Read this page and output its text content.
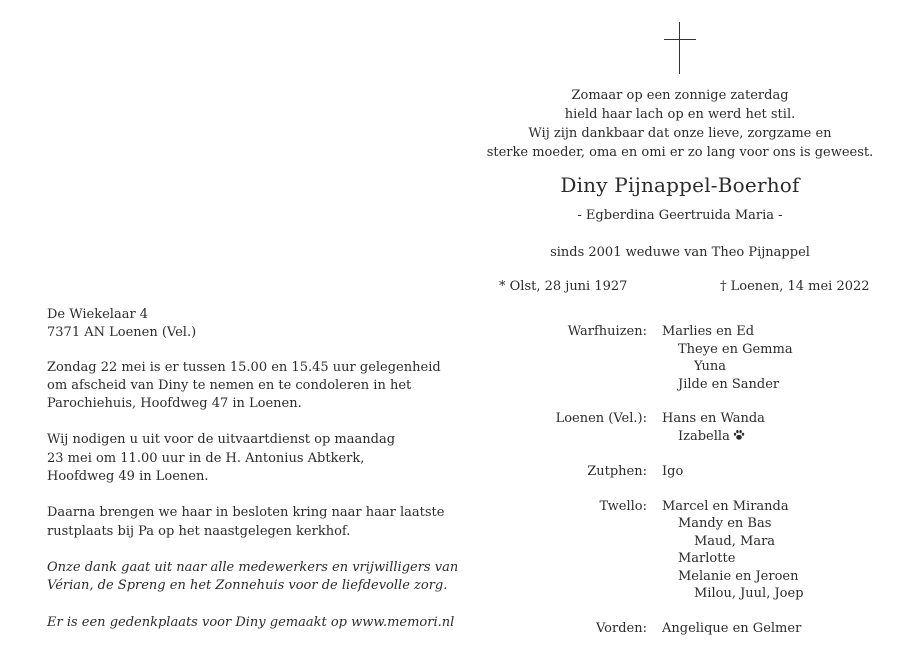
Zomaar op een zonnige zaterdag
hield haar lach op en werd het stil.
Wij zijn dankbaar dat onze lieve, zorgzame en
sterke moeder, oma en omi er zo lang voor ons is geweest.
Diny Pijnappel-Boerhof
- Egberdina Geertruida Maria -
sinds 2001 weduwe van Theo Pijnappel
* Olst, 28 juni 1927	† Loenen, 14 mei 2022
Warfhuizen: Marlies en Ed
Theye en Gemma
Yuna
Jilde en Sander
Loenen (Vel.): Hans en Wanda
Izabella
Zutphen: Igo
Twello: Marcel en Miranda
Mandy en Bas
Maud, Mara
Marlotte
Melanie en Jeroen
Milou, Juul, Joep
Vorden: Angelique en Gelmer

De Wiekelaar 4
7371 AN Loenen (Vel.)

Zondag 22 mei is er tussen 15.00 en 15.45 uur gelegenheid
om afscheid van Diny te nemen en te condoleren in het
Parochiehuis, Hoofdweg 47 in Loenen.

Wij nodigen u uit voor de uitvaartdienst op maandag
23 mei om 11.00 uur in de H. Antonius Abtkerk,
Hoofdweg 49 in Loenen.

Daarna brengen we haar in besloten kring naar haar laatste
rustplaats bij Pa op het naastgelegen kerkhof.

Onze dank gaat uit naar alle medewerkers en vrijwilligers van
Vérian, de Spreng en het Zonnehuis voor de liefdevolle zorg.

Er is een gedenkplaats voor Diny gemaakt op www.memori.nl
